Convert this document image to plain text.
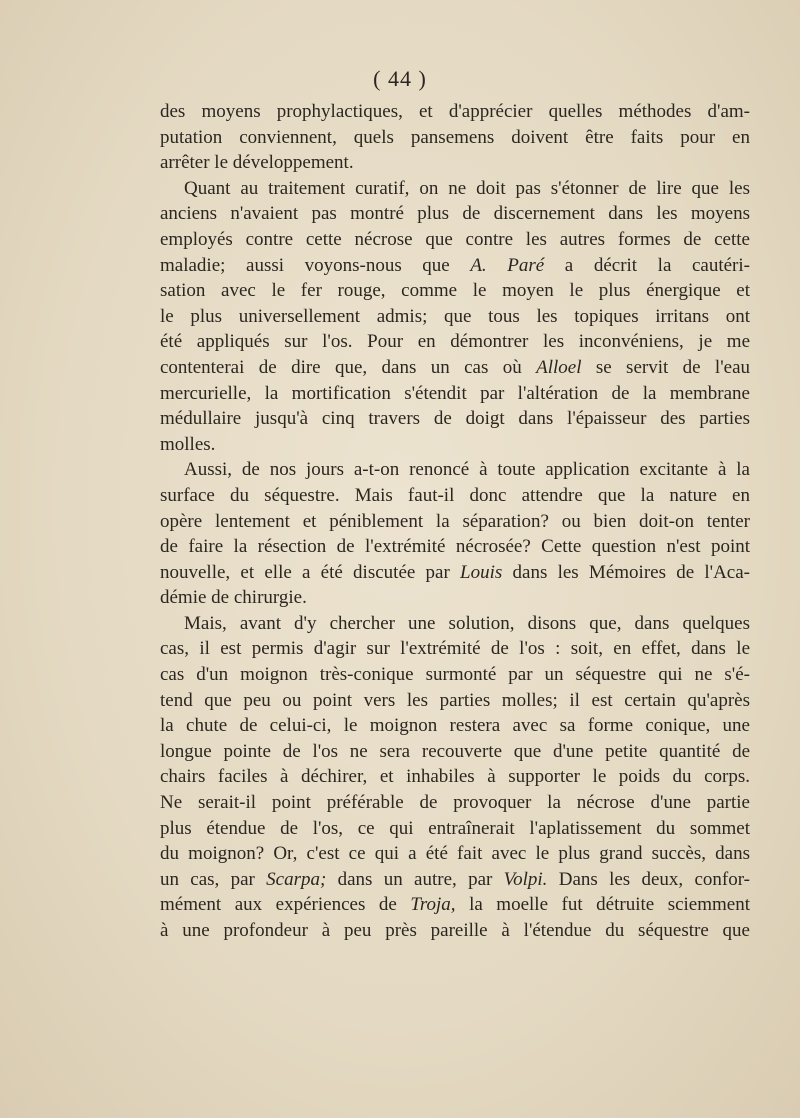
( 44 )
des moyens prophylactiques, et d'apprécier quelles méthodes d'am-
putation conviennent, quels pansemens doivent être faits pour en
arrêter le développement.
Quant au traitement curatif, on ne doit pas s'étonner de lire que les
anciens n'avaient pas montré plus de discernement dans les moyens
employés contre cette nécrose que contre les autres formes de cette
maladie; aussi voyons-nous que A. Paré a décrit la cautéri-
sation avec le fer rouge, comme le moyen le plus énergique et
le plus universellement admis; que tous les topiques irritans ont
été appliqués sur l'os. Pour en démontrer les inconvéniens, je me
contenterai de dire que, dans un cas où Alloel se servit de l'eau
mercurielle, la mortification s'étendit par l'altération de la membrane
médullaire jusqu'à cinq travers de doigt dans l'épaisseur des parties
molles.
Aussi, de nos jours a-t-on renoncé à toute application excitante à la
surface du séquestre. Mais faut-il donc attendre que la nature en
opère lentement et péniblement la séparation? ou bien doit-on tenter
de faire la résection de l'extrémité nécrosée? Cette question n'est point
nouvelle, et elle a été discutée par Louis dans les Mémoires de l'Aca-
démie de chirurgie.
Mais, avant d'y chercher une solution, disons que, dans quelques
cas, il est permis d'agir sur l'extrémité de l'os : soit, en effet, dans le
cas d'un moignon très-conique surmonté par un séquestre qui ne s'é-
tend que peu ou point vers les parties molles; il est certain qu'après
la chute de celui-ci, le moignon restera avec sa forme conique, une
longue pointe de l'os ne sera recouverte que d'une petite quantité de
chairs faciles à déchirer, et inhabiles à supporter le poids du corps.
Ne serait-il point préférable de provoquer la nécrose d'une partie
plus étendue de l'os, ce qui entraînerait l'aplatissement du sommet
du moignon? Or, c'est ce qui a été fait avec le plus grand succès, dans
un cas, par Scarpa; dans un autre, par Volpi. Dans les deux, confor-
mément aux expériences de Troja, la moelle fut détruite sciemment
à une profondeur à peu près pareille à l'étendue du séquestre que
